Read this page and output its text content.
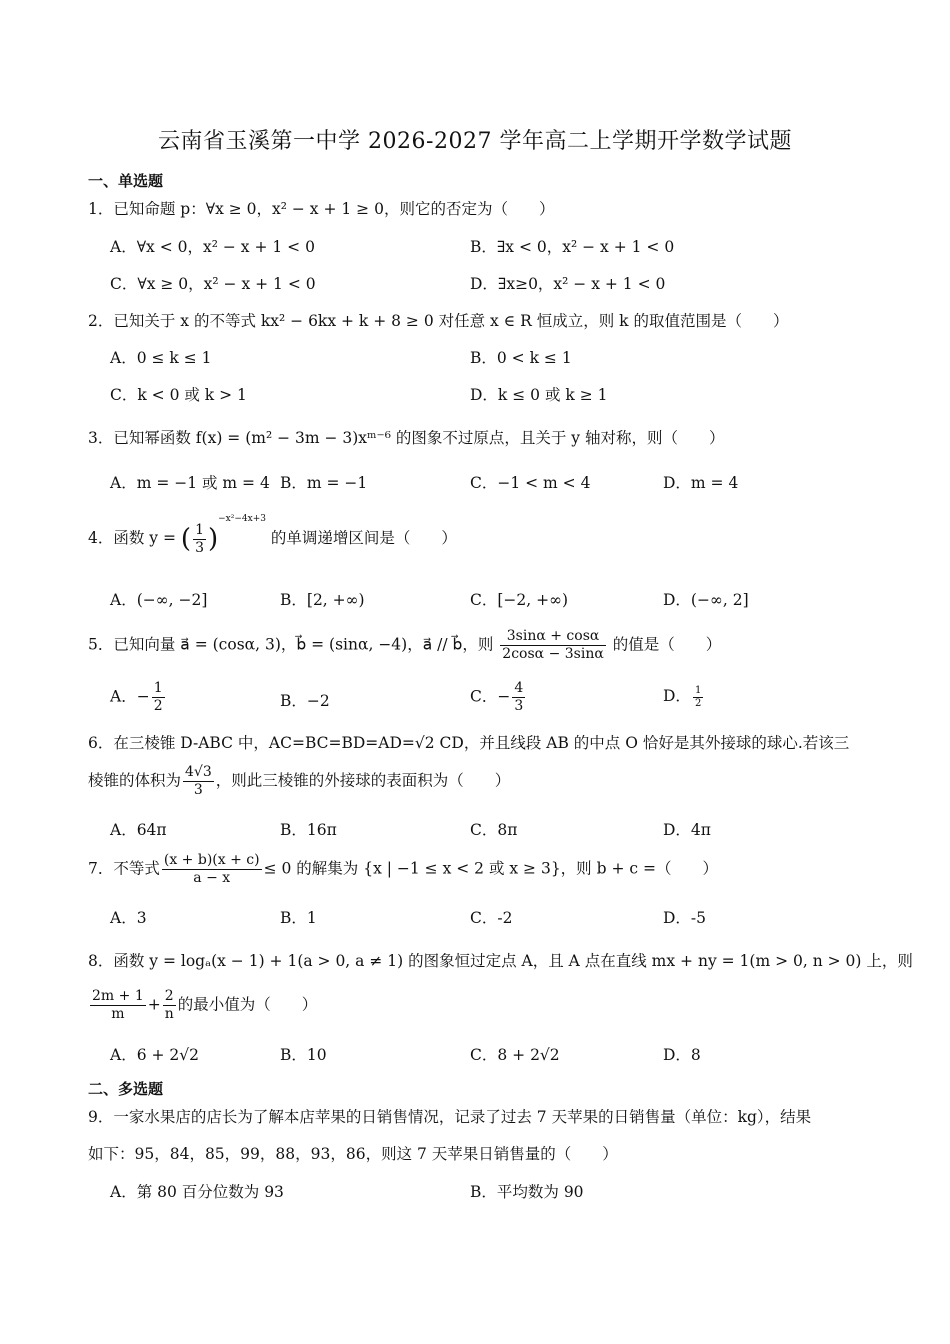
云南省玉溪第一中学 2026-2027 学年高二上学期开学数学试题
一、单选题
1．已知命题 p：∀x ≥ 0，x² − x + 1 ≥ 0，则它的否定为（　　）
A．∀x < 0，x² − x + 1 < 0	B．∃x < 0，x² − x + 1 < 0
C．∀x ≥ 0，x² − x + 1 < 0	D．∃x≥0，x² − x + 1 < 0
2．已知关于 x 的不等式 kx² − 6kx + k + 8 ≥ 0 对任意 x ∈ R 恒成立，则 k 的取值范围是（　　）
A．0 ≤ k ≤ 1	B．0 < k ≤ 1
C．k < 0 或 k > 1	D．k ≤ 0 或 k ≥ 1
3．已知幂函数 f(x) = (m² − 3m − 3)xᵐ⁻⁶ 的图象不过原点，且关于 y 轴对称，则（　　）
A．m = −1 或 m = 4 B．m = −1	C．−1 < m < 4	D．m = 4
4．函数 y = ( $\frac{1}{3} )^{-x^2-4x+3}$ 的单调递增区间是（　　）
A．(−∞, −2]	B．[2, +∞)	C．[−2, +∞)	D．(−∞, 2]
5．已知向量 a⃗ = (cosα, 3)，b⃗ = (sinα, −4)，a⃗ // b⃗，则 $\frac{3\sin\alpha + \cos\alpha}{2\cos\alpha - 3\sin\alpha}$ 的值是（　　）
A．− $\frac{1}{2}$	B．−2	C．− $\frac{4}{3}$	D． $\frac{1}{2}$
6．在三棱锥 D-ABC 中，AC=BC=BD=AD=√2 CD，并且线段 AB 的中点 O 恰好是其外接球的球心.若该三
棱锥的体积为 $\frac{4√3}{3}$ ，则此三棱锥的外接球的表面积为（　　）
A．64π	B．16π	C．8π	D．4π
7．不等式 $\frac{(x + b)(x + c)}{a - x} \le 0$ 的解集为 {x | −1 ≤ x < 2 或 x ≥ 3}，则 b + c =（　　）
A．3	B．1	C．-2	D．-5
8．函数 y = logₐ(x − 1) + 1(a > 0, a ≠ 1) 的图象恒过定点 A，且 A 点在直线 mx + ny = 1(m > 0, n > 0) 上，则
$\frac{2m + 1}{m} + \frac{2}{n}$ 的最小值为（　　）
A．6 + 2√2	B．10	C．8 + 2√2	D．8
二、多选题
9．一家水果店的店长为了解本店苹果的日销售情况，记录了过去 7 天苹果的日销售量（单位：kg），结果
如下：95，84，85，99，88，93，86，则这 7 天苹果日销售量的（　　）
A．第 80 百分位数为 93	B．平均数为 90
